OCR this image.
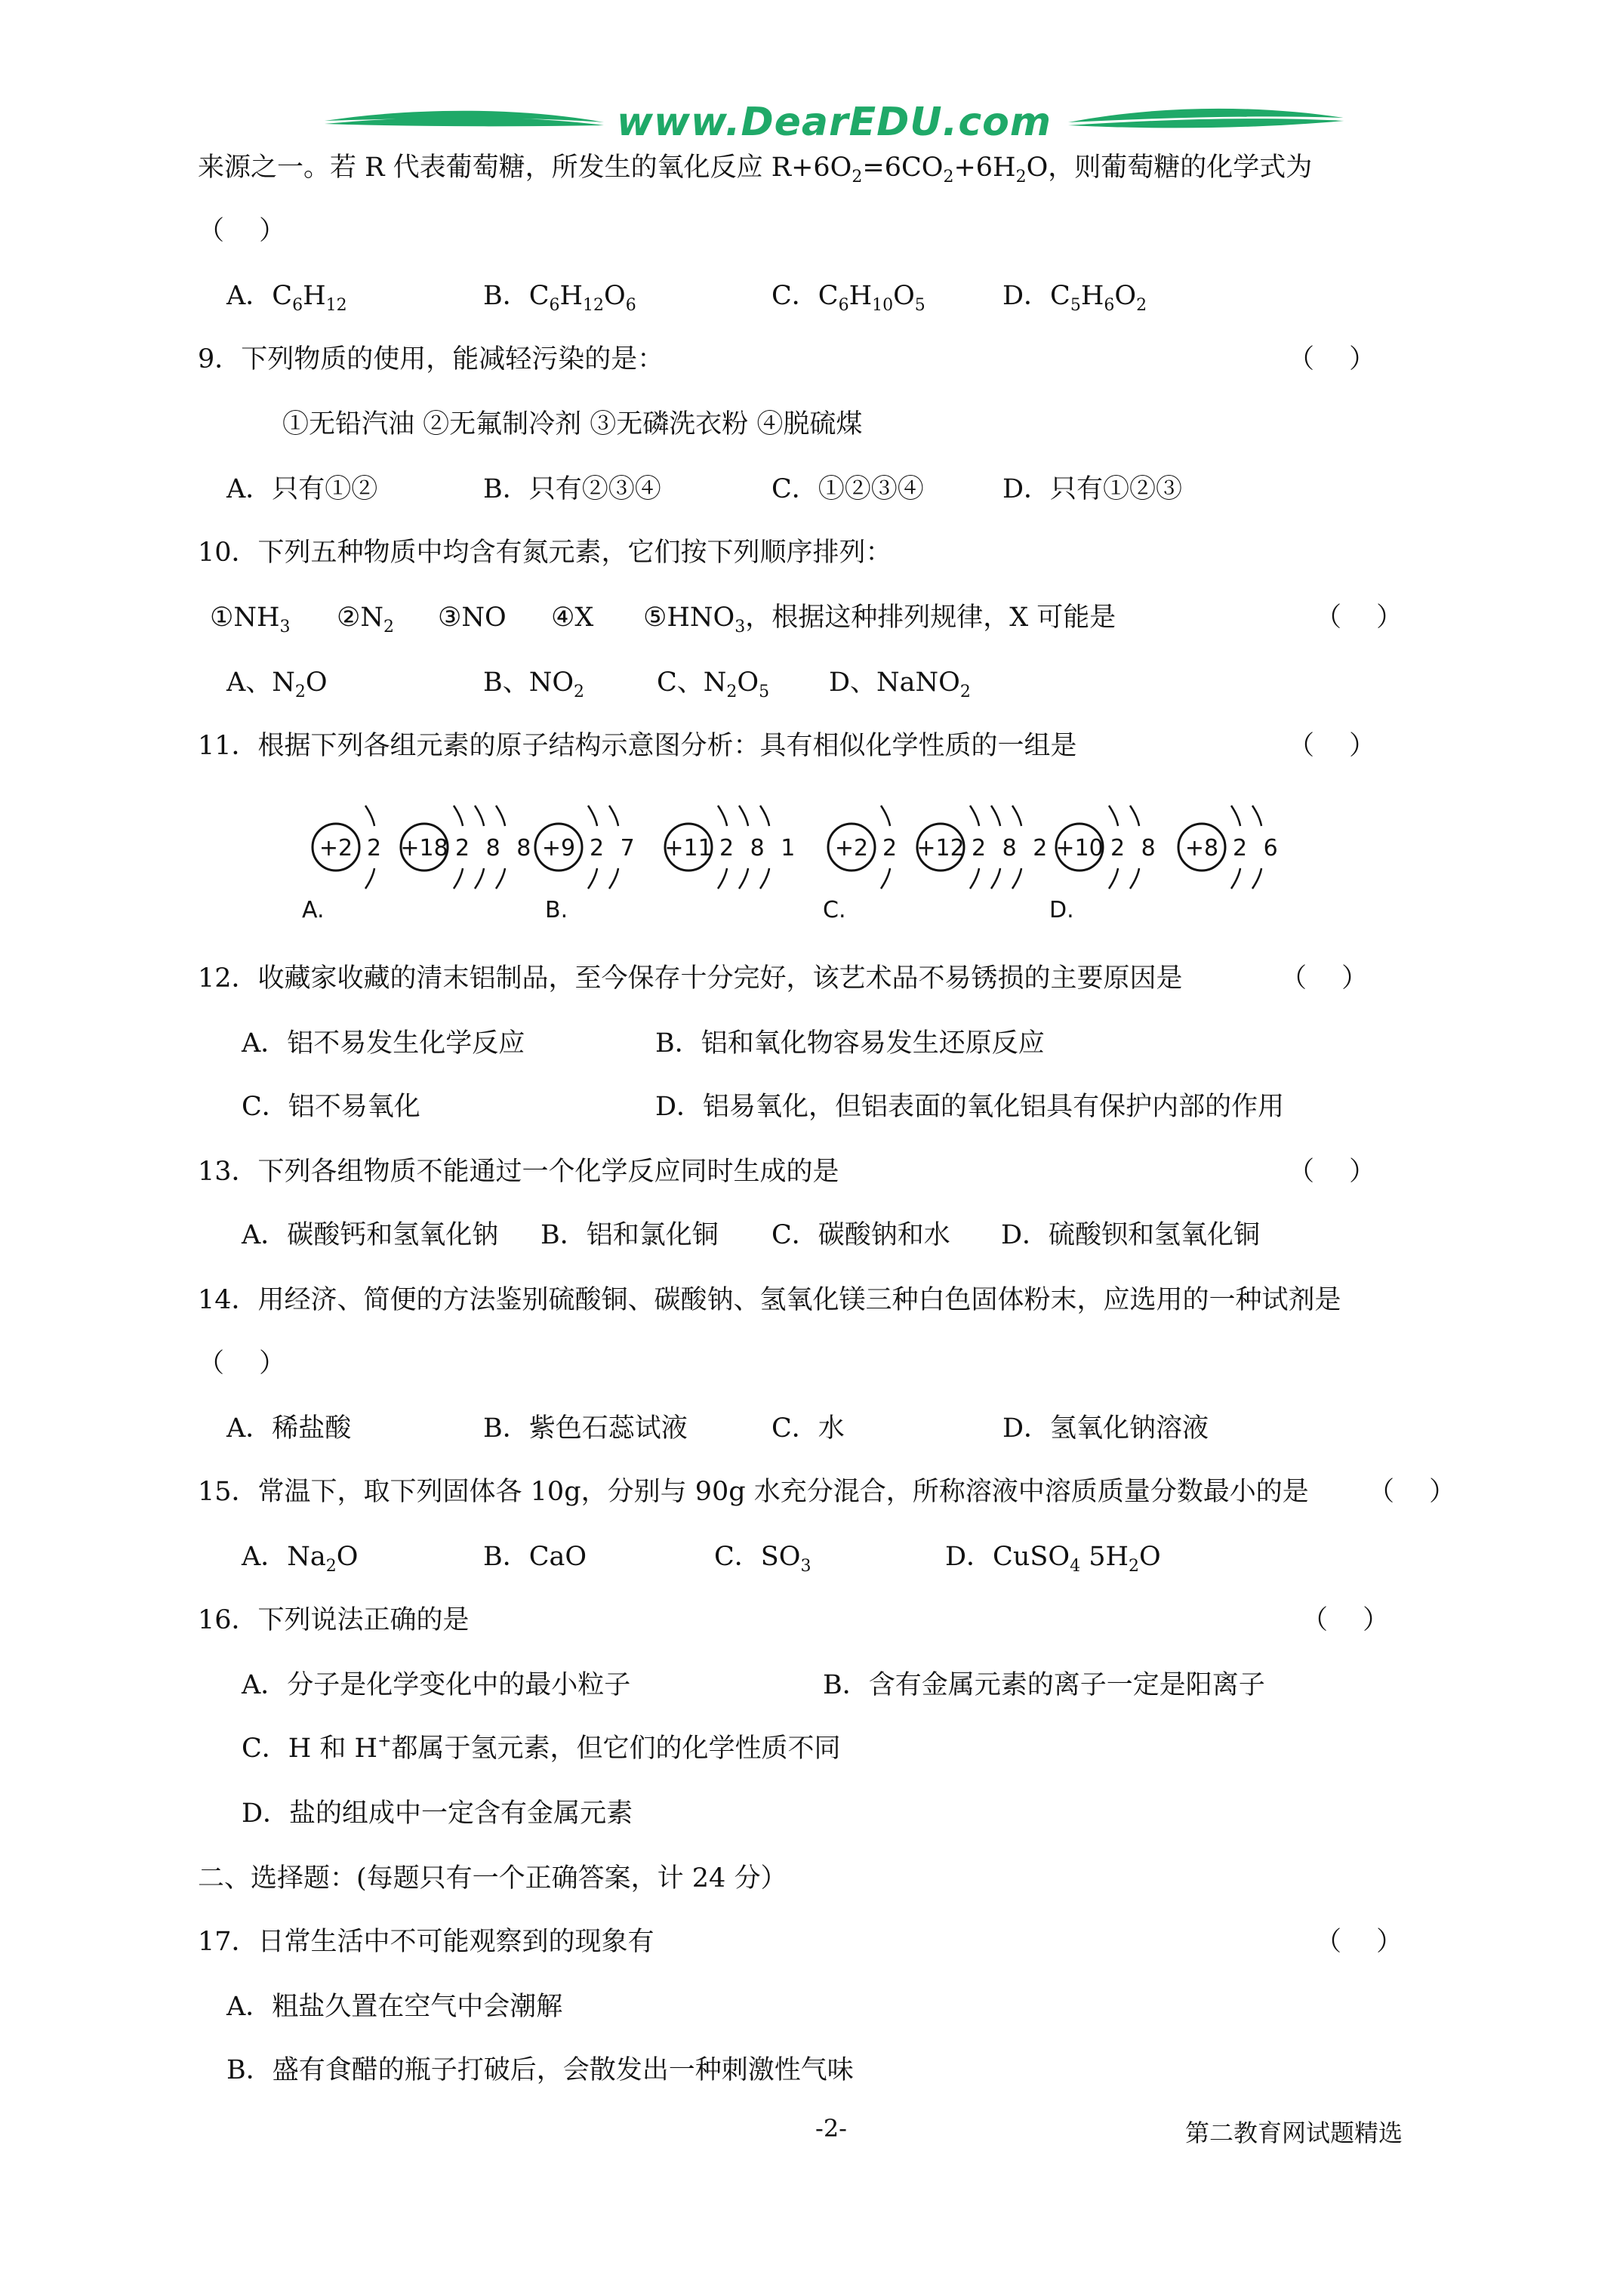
www.DearEDU.com
来源之一。若 R 代表葡萄糖，所发生的氧化反应 $R+6O_2=6CO_2+6H_2O$，则葡萄糖的化学式为
（　 ）
A．$C_6H_{12}$	B．$C_6H_{12}O_6$	C．$C_6H_{10}O_5$	D．$C_5H_6O_2$
9．下列物质的使用，能减轻污染的是：	（　 ）
①无铅汽油 ②无氟制冷剂 ③无磷洗衣粉 ④脱硫煤
A．只有①②	B．只有②③④	C．①②③④	D．只有①②③
10．下列五种物质中均含有氮元素，它们按下列顺序排列：
$①NH_3$ $②N_2$ ③NO ④X $⑤HNO_3$，根据这种排列规律，X 可能是	（　 ）
A、$N_2O$	B、$NO_2$	C、$N_2O_5$ D、NaNO$_2$
11．根据下列各组元素的原子结构示意图分析：具有相似化学性质的一组是	（　 ）
+2 2 +18 2 8 8 +9 2 7 +11 2 8 1 +2 2 +12 2 8 2 +10 2 8 +8 2 6
A.	B.	C.	D.
12．收藏家收藏的清末铝制品，至今保存十分完好，该艺术品不易锈损的主要原因是	（　 ）
A．铝不易发生化学反应	B．铝和氧化物容易发生还原反应
C．铝不易氧化	D．铝易氧化，但铝表面的氧化铝具有保护内部的作用
13．下列各组物质不能通过一个化学反应同时生成的是	（　 ）
A．碳酸钙和氢氧化钠 B．铝和氯化铜 C．碳酸钠和水 D．硫酸钡和氢氧化铜
14．用经济、简便的方法鉴别硫酸铜、碳酸钠、氢氧化镁三种白色固体粉末，应选用的一种试剂是
（　 ）
A．稀盐酸	B．紫色石蕊试液	C．水	D．氢氧化钠溶液
15．常温下，取下列固体各 10g，分别与 90g 水充分混合，所称溶液中溶质质量分数最小的是 （　 ）
A．$Na_2O$	B．CaO	C．$SO_3$	D．CuSO$_4$ $5H_2O$
16．下列说法正确的是	（　 ）
A．分子是化学变化中的最小粒子	B．含有金属元素的离子一定是阳离子
C．H 和 H+都属于氢元素，但它们的化学性质不同
D．盐的组成中一定含有金属元素
二、选择题：(每题只有一个正确答案，计 24 分）
17．日常生活中不可能观察到的现象有	（　 ）
A．粗盐久置在空气中会潮解
B．盛有食醋的瓶子打破后，会散发出一种刺激性气味
-2-	第二教育网试题精选
